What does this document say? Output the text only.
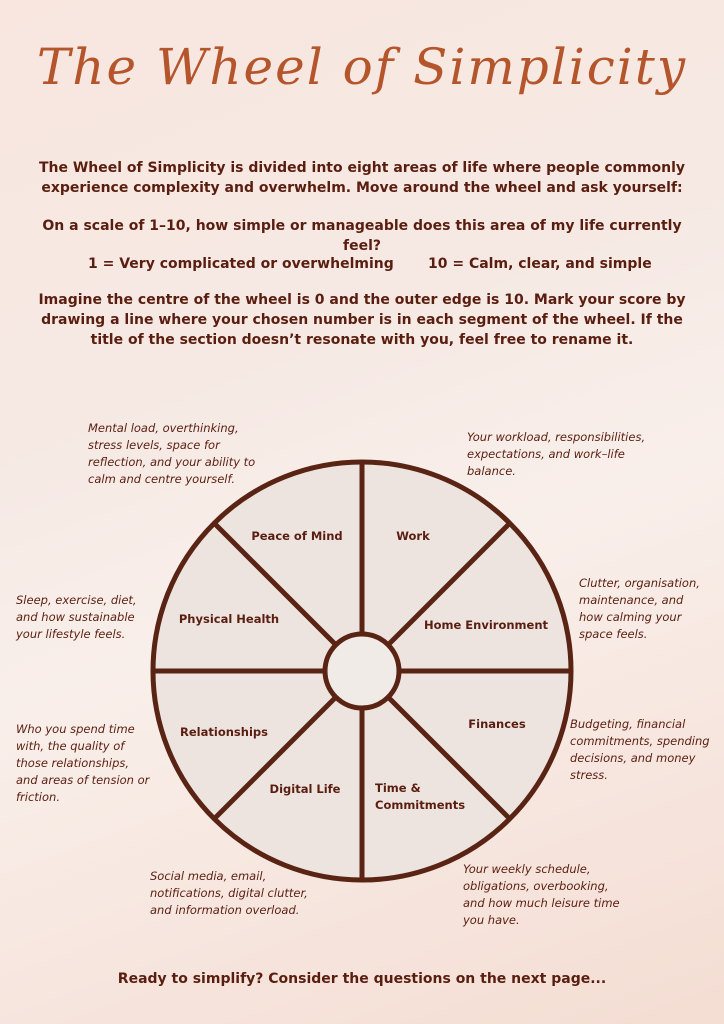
The Wheel of Simplicity

The Wheel of Simplicity is divided into eight areas of life where people commonly experience complexity and overwhelm. Move around the wheel and ask yourself:

On a scale of 1–10, how simple or manageable does this area of my life currently feel?

1 = Very complicated or overwhelming 10 = Calm, clear, and simple

Imagine the centre of the wheel is 0 and the outer edge is 10. Mark your score by drawing a line where your chosen number is in each segment of the wheel. If the title of the section doesn’t resonate with you, feel free to rename it.

Mental load, overthinking, stress levels, space for reflection, and your ability to calm and centre yourself.

Your workload, responsibilities, expectations, and work–life balance.

Sleep, exercise, diet, and how sustainable your lifestyle feels.

Clutter, organisation, maintenance, and how calming your space feels.

Who you spend time with, the quality of those relationships, and areas of tension or friction.

Budgeting, financial commitments, spending decisions, and money stress.

Social media, email, notifications, digital clutter, and information overload.

Your weekly schedule, obligations, overbooking, and how much leisure time you have.

Peace of Mind	Work
Home Environment
Physical Health
Relationships
Finances
Digital Life	Time & Commitments
Ready to simplify? Consider the questions on the next page...
